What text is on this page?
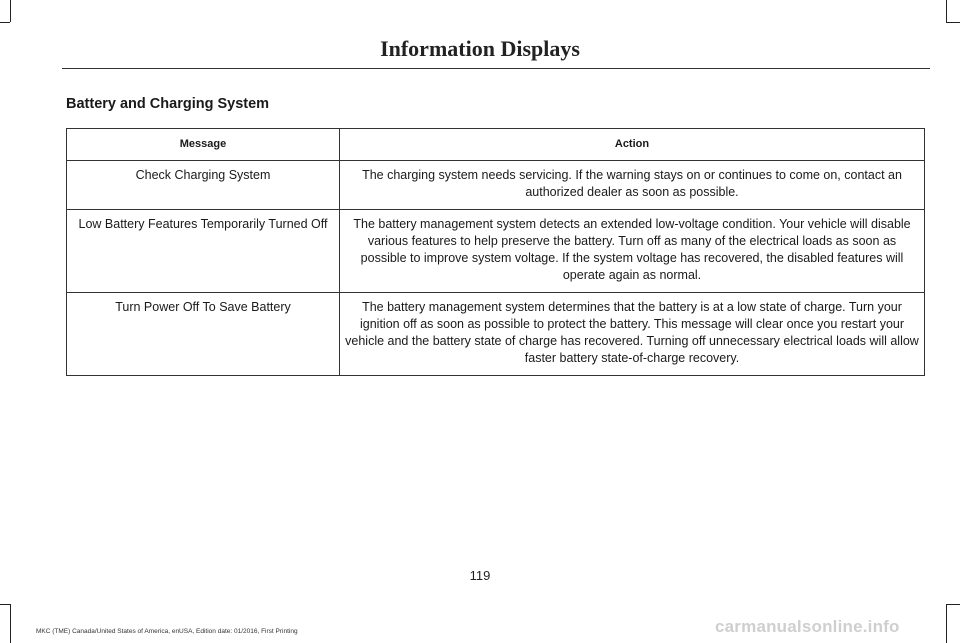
Information Displays
Battery and Charging System
Message	Action
Check Charging System	The charging system needs servicing. If the warning stays on or continues to come on, contact an authorized dealer as soon as possible.
Low Battery Features Temporarily Turned Off	The battery management system detects an extended low-voltage condition. Your vehicle will disable various features to help preserve the battery. Turn off as many of the electrical loads as soon as possible to improve system voltage. If the system voltage has recovered, the disabled features will operate again as normal.
Turn Power Off To Save Battery	The battery management system determines that the battery is at a low state of charge. Turn your ignition off as soon as possible to protect the battery. This message will clear once you restart your vehicle and the battery state of charge has recovered. Turning off unnecessary electrical loads will allow faster battery state-of-charge recovery.
119
MKC (TME) Canada/United States of America, enUSA, Edition date: 01/2016, First Printing	carmanualsonline.info
